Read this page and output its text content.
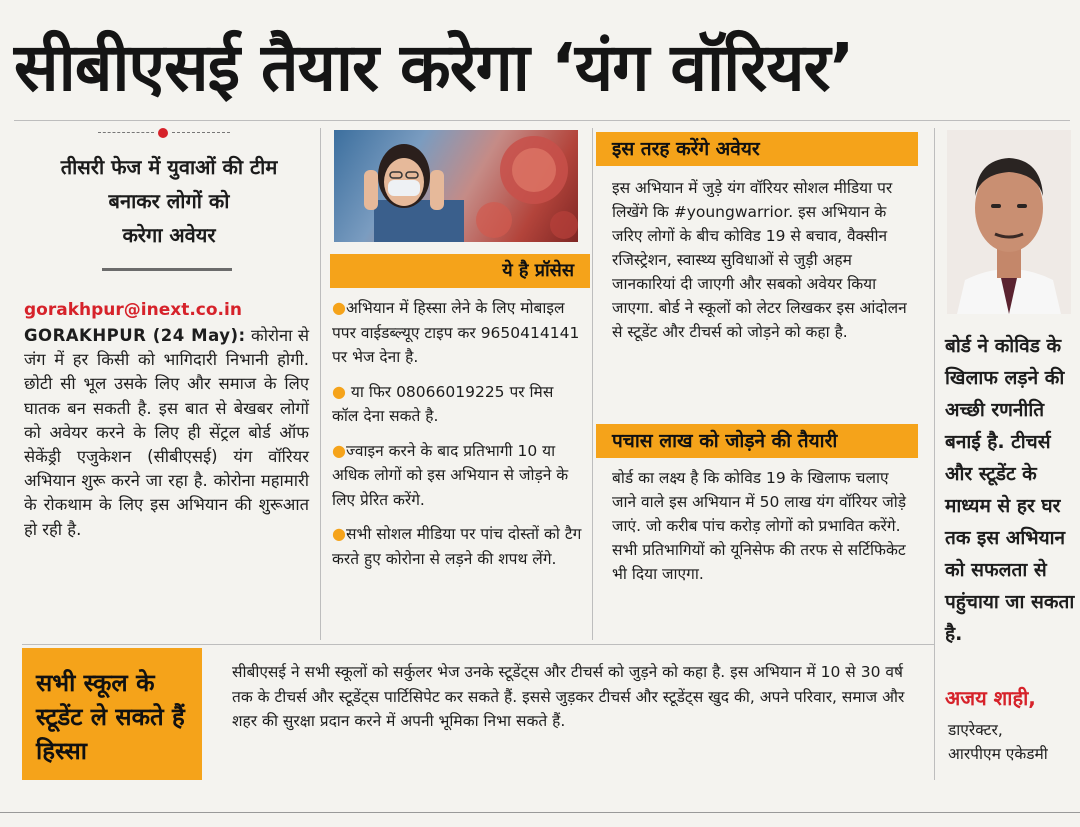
सीबीएसई तैयार करेगा ‘यंग वॉरियर’
तीसरी फेज में युवाओं की टीम
बनाकर लोगों को
करेगा अवेयर
gorakhpur@inext.co.in
GORAKHPUR (24 May): कोरोना से जंग में हर किसी को भागिदारी निभानी होगी. छोटी सी भूल उसके लिए और समाज के लिए घातक बन सकती है. इस बात से बेखबर लोगों को अवेयर करने के लिए ही सेंट्रल बोर्ड ऑफ सेकेंड्री एजुकेशन (सीबीएसई) यंग वॉरियर अभियान शुरू करने जा रहा है. कोरोना महामारी के रोकथाम के लिए इस अभियान की शुरूआत हो रही है.
ये है प्रॉसेस
●अभियान में हिस्सा लेने के लिए मोबाइल पपर वाईडब्ल्यूए टाइप कर 9650414141 पर भेज देना है.
● या फिर 08066019225 पर मिस कॉल देना सकते है.
●ज्वाइन करने के बाद प्रतिभागी 10 या अधिक लोगों को इस अभियान से जोड़ने के लिए प्रेरित करेंगे.
●सभी सोशल मीडिया पर पांच दोस्तों को टैग करते हुए कोरोना से लड़ने की शपथ लेंगे.
इस तरह करेंगे अवेयर
इस अभियान में जुड़े यंग वॉरियर सोशल मीडिया पर लिखेंगे कि #youngwarrior. इस अभियान के जरिए लोगों के बीच कोविड 19 से बचाव, वैक्सीन रजिस्ट्रेशन, स्वास्थ्य सुविधाओं से जुड़ी अहम जानकारियां दी जाएगी और सबको अवेयर किया जाएगा. बोर्ड ने स्कूलों को लेटर लिखकर इस आंदोलन से स्टूडेंट और टीचर्स को जोड़ने को कहा है.
पचास लाख को जोड़ने की तैयारी
बोर्ड का लक्ष्य है कि कोविड 19 के खिलाफ चलाए जाने वाले इस अभियान में 50 लाख यंग वॉरियर जोड़े जाएं. जो करीब पांच करोड़ लोगों को प्रभावित करेंगे. सभी प्रतिभागियों को यूनिसेफ की तरफ से सर्टिफिकेट भी दिया जाएगा.
बोर्ड ने कोविड के खिलाफ लड़ने की अच्छी रणनीति बनाई है. टीचर्स और स्टूडेंट के माध्यम से हर घर तक इस अभियान को सफलता से पहुंचाया जा सकता है.
अजय शाही,
डाएरेक्टर,
आरपीएम एकेडमी
सभी स्कूल के स्टूडेंट ले सकते हैं हिस्सा
सीबीएसई ने सभी स्कूलों को सर्कुलर भेज उनके स्टूडेंट्स और टीचर्स को जुड़ने को कहा है. इस अभियान में 10 से 30 वर्ष तक के टीचर्स और स्टूडेंट्स पार्टिसिपेट कर सकते हैं. इससे जुड़कर टीचर्स और स्टूडेंट्स खुद की, अपने परिवार, समाज और शहर की सुरक्षा प्रदान करने में अपनी भूमिका निभा सकते हैं.
